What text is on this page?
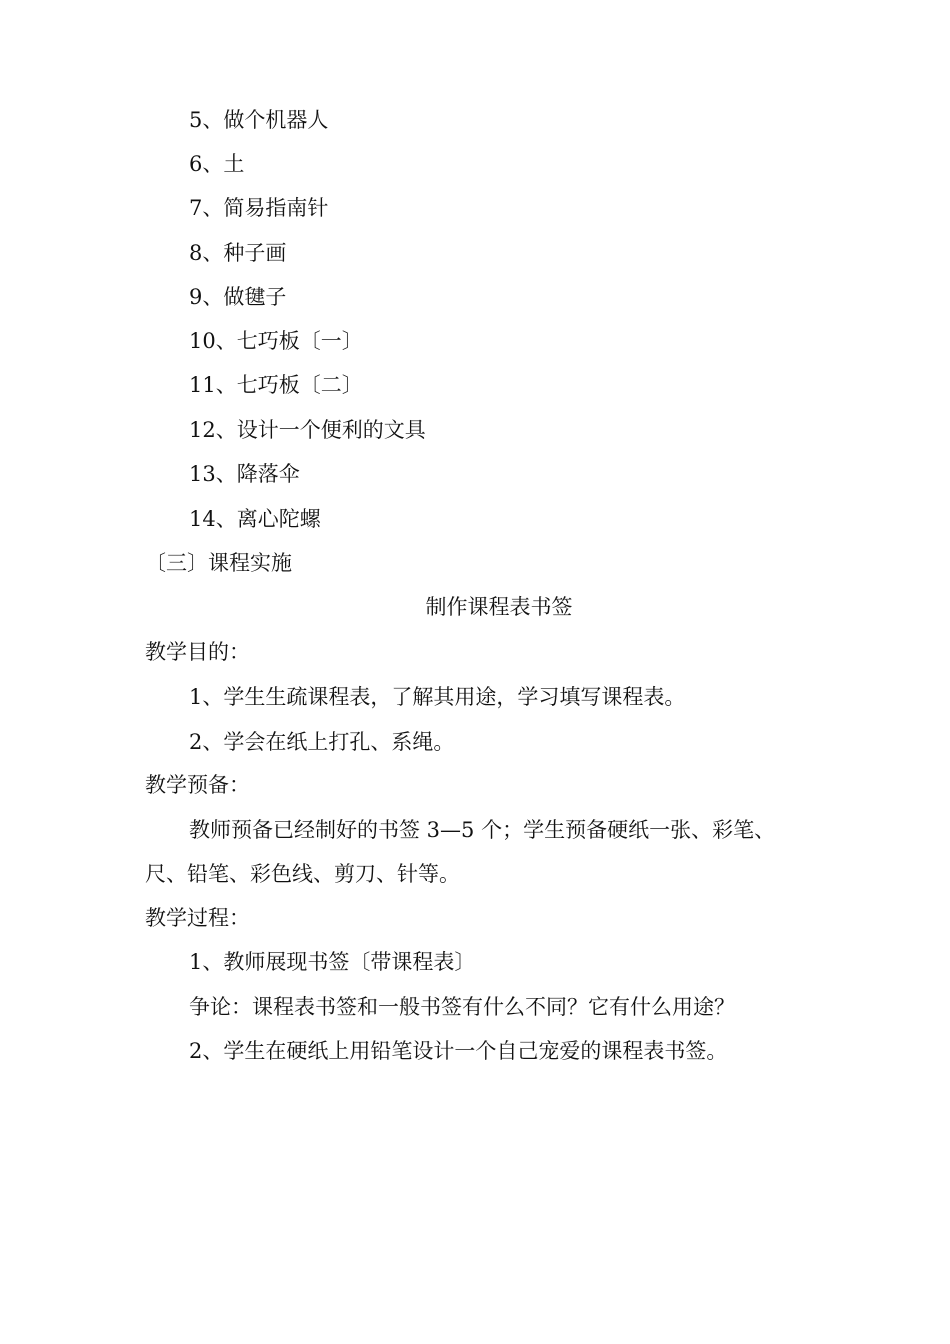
5、做个机器人

6、土

7、简易指南针

8、种子画

9、做毽子

10、七巧板〔一〕

11、七巧板〔二〕

12、设计一个便利的文具

13、降落伞

14、离心陀螺

〔三〕课程实施

制作课程表书签

教学目的：

1、学生生疏课程表，了解其用途，学习填写课程表。

2、学会在纸上打孔、系绳。

教学预备：

教师预备已经制好的书签 3—5 个；学生预备硬纸一张、彩笔、

尺、铅笔、彩色线、剪刀、针等。

教学过程：

1、教师展现书签〔带课程表〕

争论：课程表书签和一般书签有什么不同？它有什么用途？

2、学生在硬纸上用铅笔设计一个自己宠爱的课程表书签。
